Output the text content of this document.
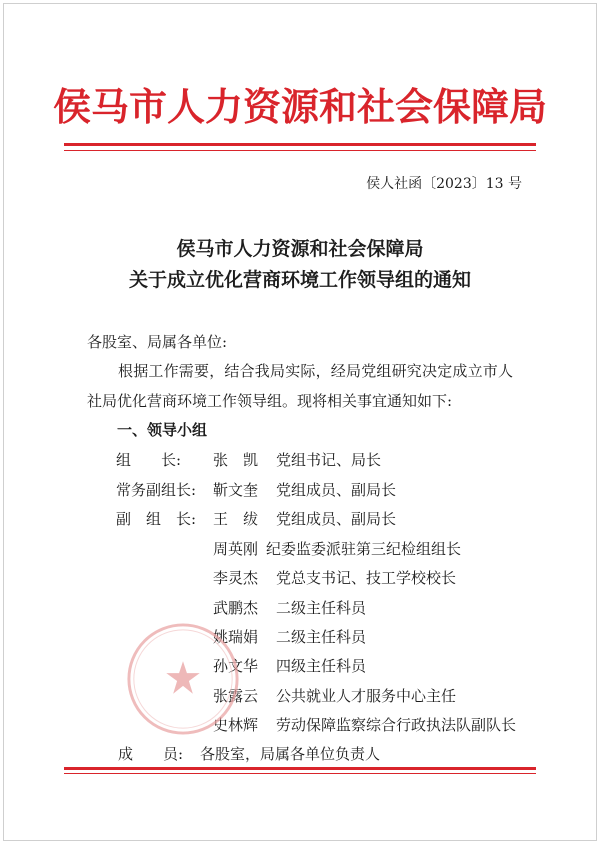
侯马市人力资源和社会保障局
侯人社函〔2023〕13 号
侯马市人力资源和社会保障局
关于成立优化营商环境工作领导组的通知
各股室、局属各单位:
根据工作需要，结合我局实际，经局党组研究决定成立市人
社局优化营商环境工作领导组。现将相关事宜通知如下:
一、领导小组
组　　长: 张　凯 党组书记、局长
常务副组长: 靳文奎 党组成员、副局长
副　组　长: 王　绂 党组成员、副局长
周英刚 纪委监委派驻第三纪检组组长
李灵杰 党总支书记、技工学校校长
武鹏杰 二级主任科员
姚瑞娟 二级主任科员
孙文华 四级主任科员
张露云 公共就业人才服务中心主任
史林辉 劳动保障监察综合行政执法队副队长
成　　员: 各股室，局属各单位负责人
